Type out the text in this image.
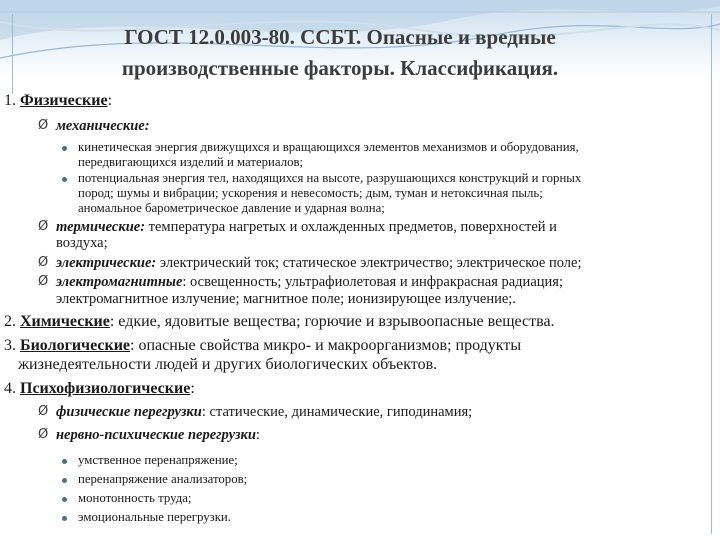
ГОСТ 12.0.003-80. ССБТ. Опасные и вредные
производственные факторы. Классификация.
1. Физические:
Ø механические:
кинетическая энергия движущихся и вращающихся элементов механизмов и оборудования,
передвигающихся изделий и материалов;
потенциальная энергия тел, находящихся на высоте, разрушающихся конструкций и горных
пород; шумы и вибрации; ускорения и невесомость; дым, туман и нетоксичная пыль;
аномальное барометрическое давление и ударная волна;
Ø термические: температура нагретых и охлажденных предметов, поверхностей и
воздуха;
Ø электрические: электрический ток; статическое электричество; электрическое поле;
Ø электромагнитные: освещенность; ультрафиолетовая и инфракрасная радиация;
электромагнитное излучение; магнитное поле; ионизирующее излучение;.
2. Химические: едкие, ядовитые вещества; горючие и взрывоопасные вещества.
3. Биологические: опасные свойства микро- и макроорганизмов; продукты
жизнедеятельности людей и других биологических объектов.
4. Психофизиологические:
Ø физические перегрузки: статические, динамические, гиподинамия;
Ø нервно-психические перегрузки:
умственное перенапряжение;
перенапряжение анализаторов;
монотонность труда;
эмоциональные перегрузки.
